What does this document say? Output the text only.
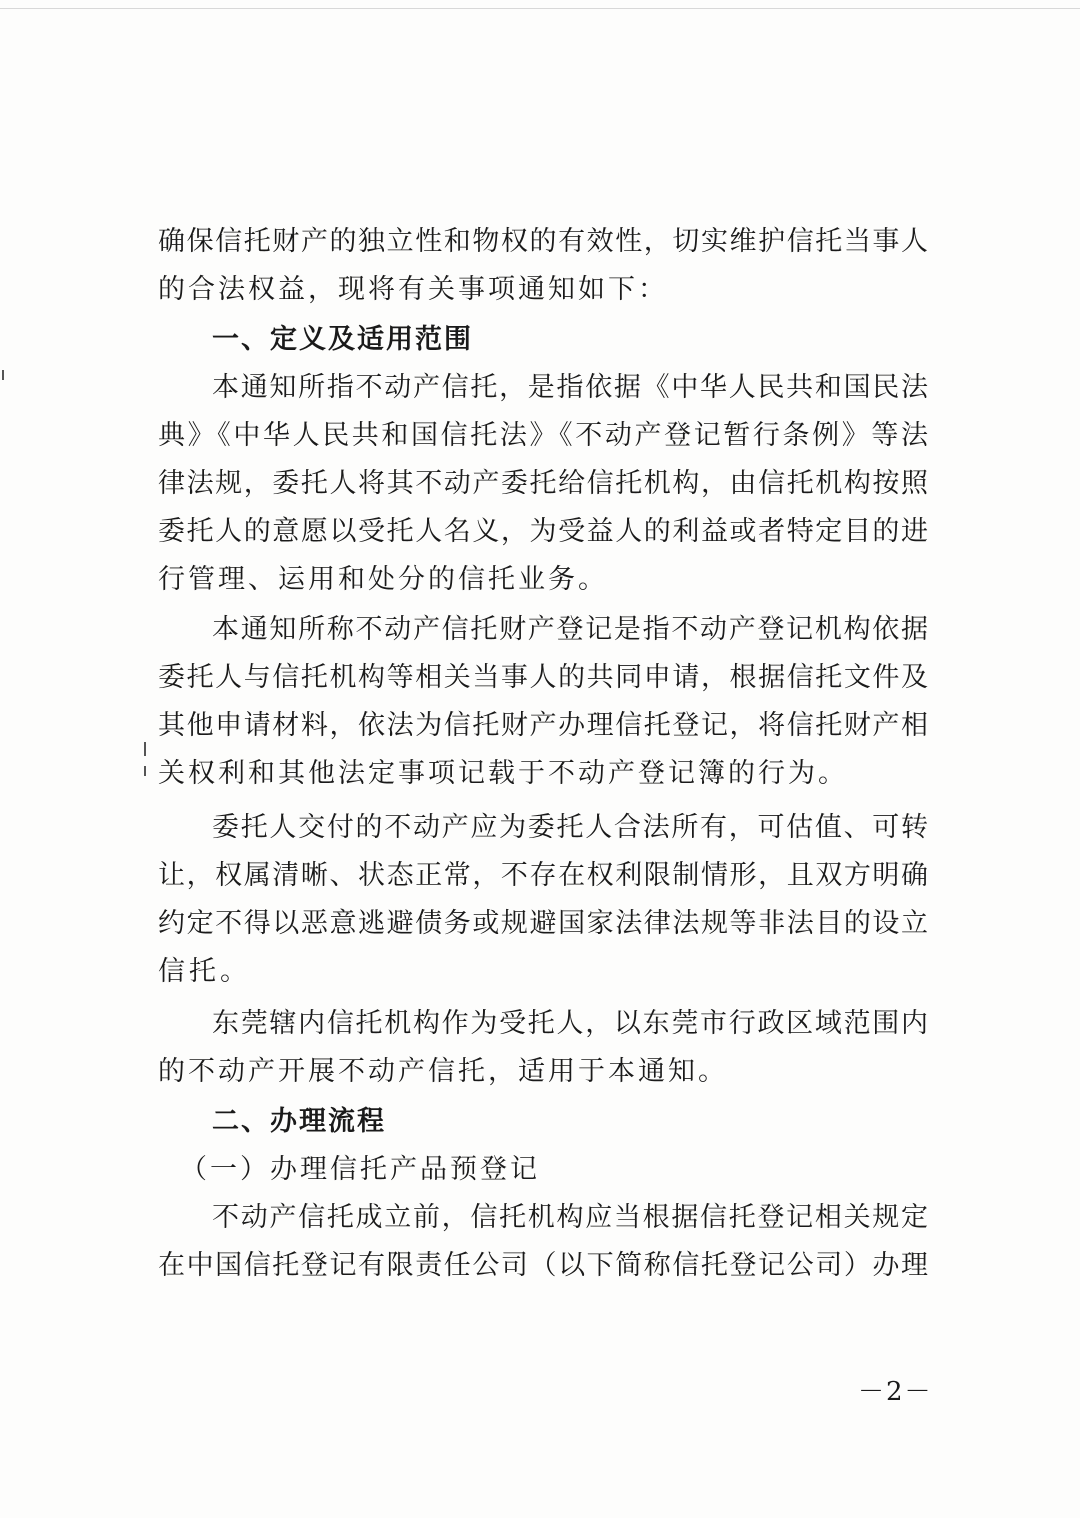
确保信托财产的独立性和物权的有效性，切实维护信托当事人
的合法权益，现将有关事项通知如下：
一、定义及适用范围
本通知所指不动产信托，是指依据《中华人民共和国民法
典》《中华人民共和国信托法》《不动产登记暂行条例》等法
律法规，委托人将其不动产委托给信托机构，由信托机构按照
委托人的意愿以受托人名义，为受益人的利益或者特定目的进
行管理、运用和处分的信托业务。
本通知所称不动产信托财产登记是指不动产登记机构依据
委托人与信托机构等相关当事人的共同申请，根据信托文件及
其他申请材料，依法为信托财产办理信托登记，将信托财产相
关权利和其他法定事项记载于不动产登记簿的行为。
委托人交付的不动产应为委托人合法所有，可估值、可转
让，权属清晰、状态正常，不存在权利限制情形，且双方明确
约定不得以恶意逃避债务或规避国家法律法规等非法目的设立
信托。
东莞辖内信托机构作为受托人，以东莞市行政区域范围内
的不动产开展不动产信托，适用于本通知。
二、办理流程
（一）办理信托产品预登记
不动产信托成立前，信托机构应当根据信托登记相关规定
在中国信托登记有限责任公司（以下简称信托登记公司）办理
－2－
